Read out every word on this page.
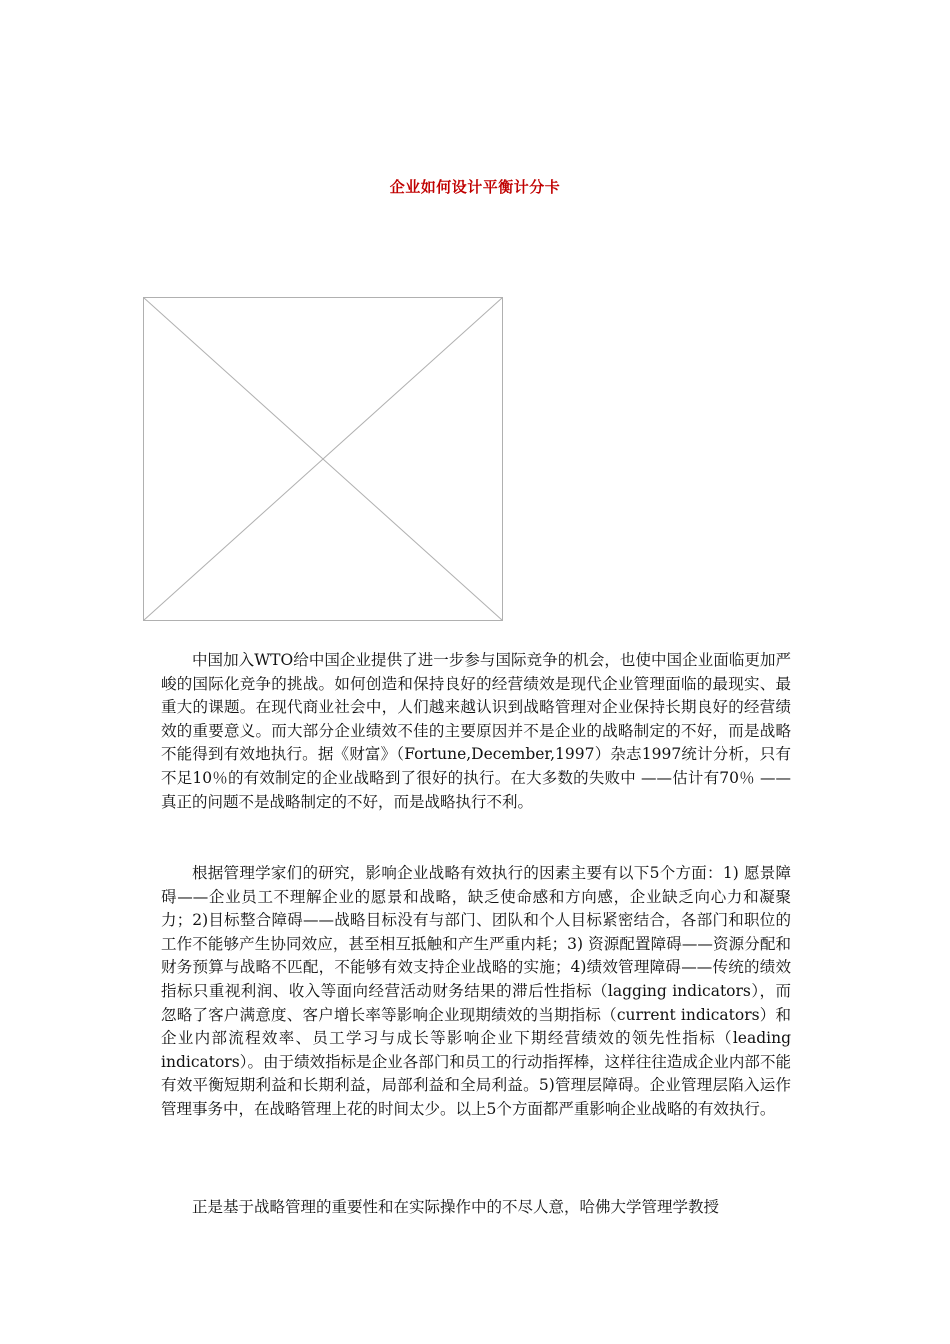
企业如何设计平衡计分卡

中国加入WTO给中国企业提供了进一步参与国际竞争的机会，也使中国企业面临更加严峻的国际化竞争的挑战。如何创造和保持良好的经营绩效是现代企业管理面临的最现实、最重大的课题。在现代商业社会中，人们越来越认识到战略管理对企业保持长期良好的经营绩效的重要意义。而大部分企业绩效不佳的主要原因并不是企业的战略制定的不好，而是战略不能得到有效地执行。据《财富》（Fortune,December,1997）杂志1997统计分析，只有不足10％的有效制定的企业战略到了很好的执行。在大多数的失败中 ——估计有70％ ——真正的问题不是战略制定的不好，而是战略执行不利。

根据管理学家们的研究，影响企业战略有效执行的因素主要有以下5个方面：1) 愿景障碍——企业员工不理解企业的愿景和战略，缺乏使命感和方向感，企业缺乏向心力和凝聚力；2)目标整合障碍——战略目标没有与部门、团队和个人目标紧密结合，各部门和职位的工作不能够产生协同效应，甚至相互抵触和产生严重内耗；3) 资源配置障碍——资源分配和财务预算与战略不匹配，不能够有效支持企业战略的实施；4)绩效管理障碍——传统的绩效指标只重视利润、收入等面向经营活动财务结果的滞后性指标（lagging indicators），而忽略了客户满意度、客户增长率等影响企业现期绩效的当期指标（current indicators）和企业内部流程效率、员工学习与成长等影响企业下期经营绩效的领先性指标（leading indicators）。由于绩效指标是企业各部门和员工的行动指挥棒，这样往往造成企业内部不能有效平衡短期利益和长期利益，局部利益和全局利益。5)管理层障碍。企业管理层陷入运作管理事务中，在战略管理上花的时间太少。以上5个方面都严重影响企业战略的有效执行。

正是基于战略管理的重要性和在实际操作中的不尽人意，哈佛大学管理学教授
